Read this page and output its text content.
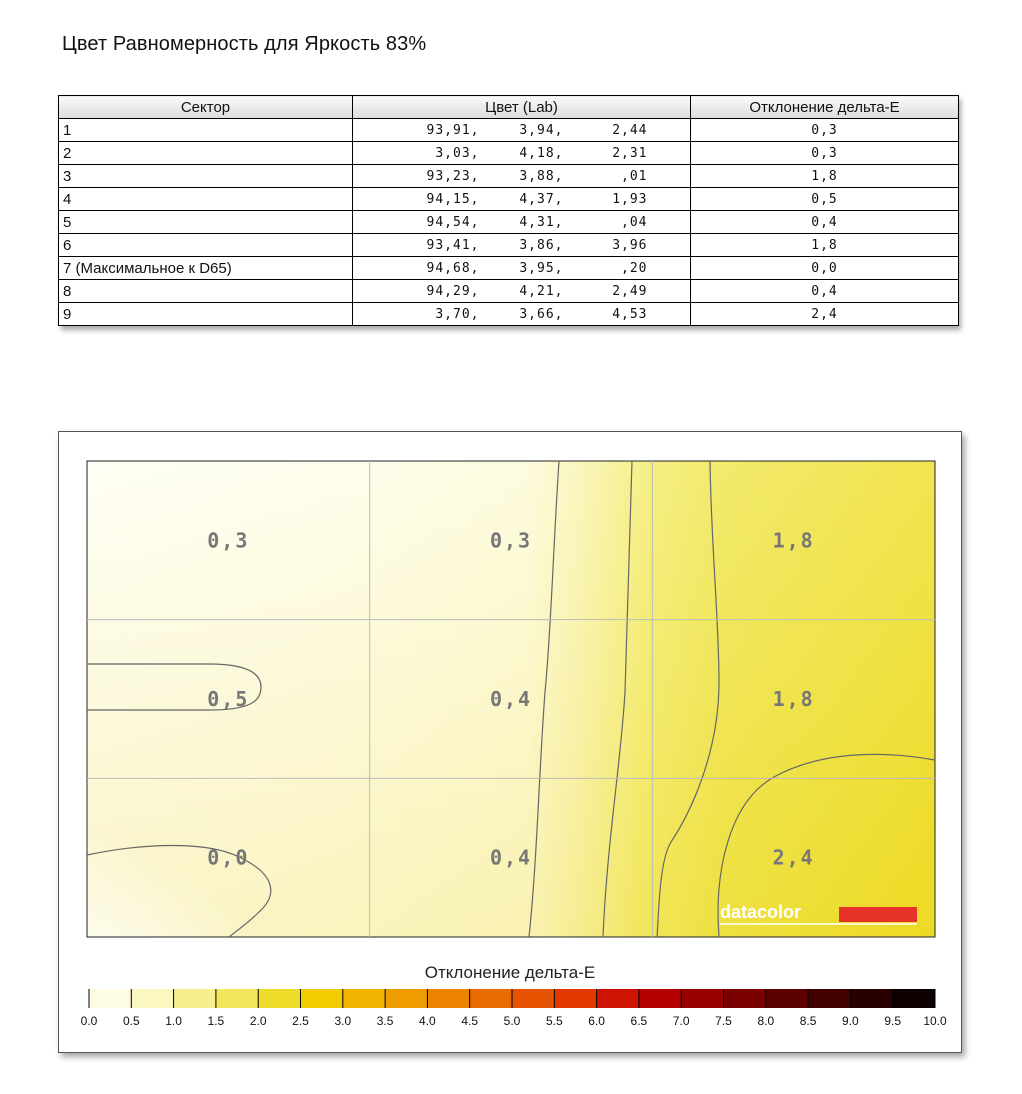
Цвет Равномерность для Яркость 83%
Сектор	Цвет (Lab)	Отклонение дельта-E
1	93,91, 3,94, 2,44	0,3
2	3,03, 4,18, 2,31	0,3
3	93,23, 3,88, ,01	1,8
4	94,15, 4,37, 1,93	0,5
5	94,54, 4,31, ,04	0,4
6	93,41, 3,86, 3,96	1,8
7 (Максимальное к D65)	94,68, 3,95, ,20	0,0
8	94,29, 4,21, 2,49	0,4
9	3,70, 3,66, 4,53	2,4
0,3	0,3	1,8
0,5	0,4	1,8
0,0	0,4	2,4
datacolor
Отклонение дельта-E
0.0 0.5 1.0 1.5 2.0 2.5 3.0 3.5 4.0 4.5 5.0 5.5 6.0 6.5 7.0 7.5 8.0 8.5 9.0 9.5 10.0
